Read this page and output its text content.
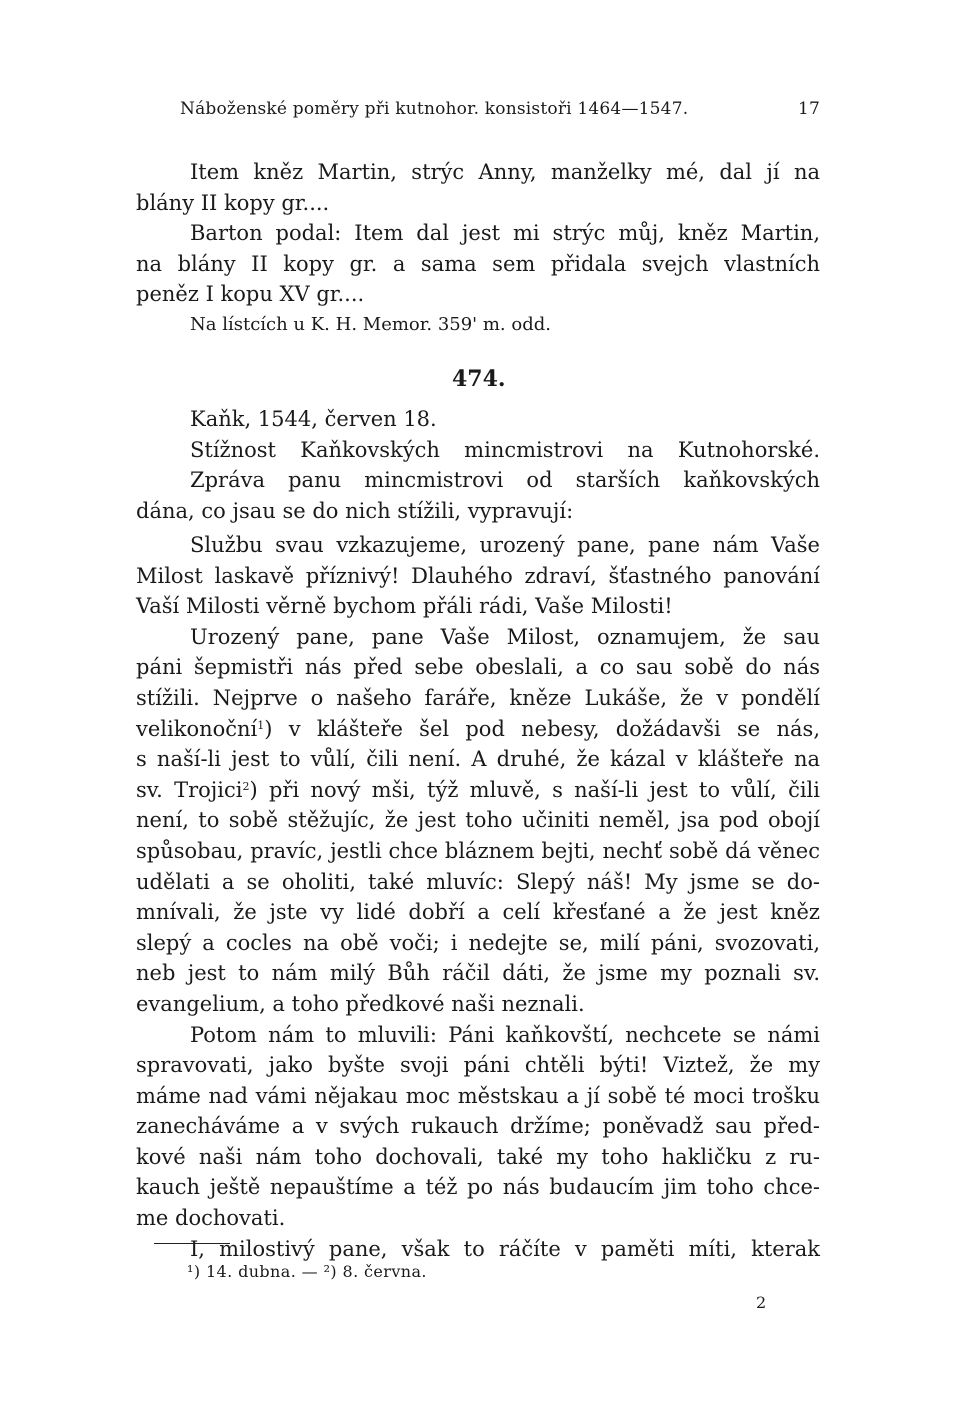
Náboženské poměry při kutnohor. konsistoři 1464—1547.	17
Item kněz Martin, strýc Anny, manželky mé, dal jí na
blány II kopy gr....
Barton podal: Item dal jest mi strýc můj, kněz Martin,
na blány II kopy gr. a sama sem přidala svejch vlastních
peněz I kopu XV gr....
Na lístcích u K. H. Memor. 359' m. odd.
474.
Kaňk, 1544, červen 18.
Stížnost Kaňkovských mincmistrovi na Kutnohorské.
Zpráva panu mincmistrovi od starších kaňkovských
dána, co jsau se do nich stížili, vypravují:
Službu svau vzkazujeme, urozený pane, pane nám Vaše
Milost laskavě příznivý! Dlauhého zdraví, šťastného panování
Vaší Milosti věrně bychom přáli rádi, Vaše Milosti!
Urozený pane, pane Vaše Milost, oznamujem, že sau
páni šepmistři nás před sebe obeslali, a co sau sobě do nás
stížili. Nejprve o našeho faráře, kněze Lukáše, že v pondělí
velikonoční$^1$) v klášteře šel pod nebesy, dožádavši se nás,
s naší-li jest to vůlí, čili není. A druhé, že kázal v klášteře na
sv. Trojici$^2$) při nový mši, týž mluvě, s naší-li jest to vůlí, čili
není, to sobě stěžujíc, že jest toho učiniti neměl, jsa pod obojí
spůsobau, pravíc, jestli chce bláznem bejti, nechť sobě dá věnec
udělati a se oholiti, také mluvíc: Slepý náš! My jsme se do-
mnívali, že jste vy lidé dobří a celí křesťané a že jest kněz
slepý a cocles na obě voči; i nedejte se, milí páni, svozovati,
neb jest to nám milý Bůh ráčil dáti, že jsme my poznali sv.
evangelium, a toho předkové naši neznali.
Potom nám to mluvili: Páni kaňkovští, nechcete se námi
spravovati, jako byšte svoji páni chtěli býti! Viztež, že my
máme nad vámi nějakau moc městskau a jí sobě té moci trošku
zanecháváme a v svých rukauch držíme; poněvadž sau před-
kové naši nám toho dochovali, také my toho hakličku z ru-
kauch ještě nepauštíme a též po nás budaucím jim toho chce-
me dochovati.
I, milostivý pane, však to ráčíte v paměti míti, kterak
¹) 14. dubna. — ²) 8. června.
2
